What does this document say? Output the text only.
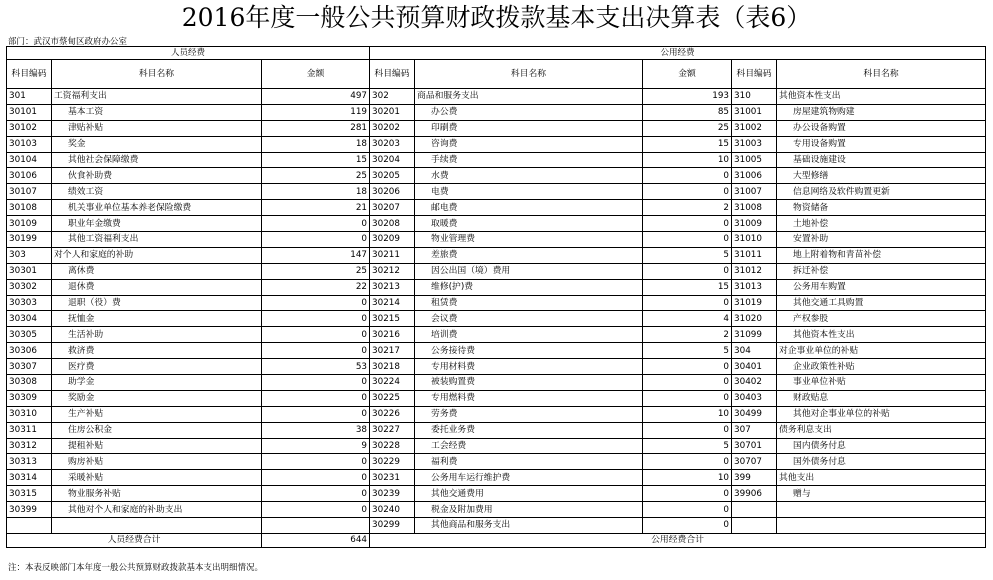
2016年度一般公共预算财政拨款基本支出决算表（表6）
部门：武汉市蔡甸区政府办公室
人员经费			公用经费				
科目编码	科目名称	金额	科目编码	科目名称	金额	科目编码	科目名称
301	工资福利支出	497	302	商品和服务支出	193	310	其他资本性支出
30101	基本工资	119	30201	办公费	85	31001	房屋建筑物购建
30102	津贴补贴	281	30202	印刷费	25	31002	办公设备购置
30103	奖金	18	30203	咨询费	15	31003	专用设备购置
30104	其他社会保障缴费	15	30204	手续费	10	31005	基础设施建设
30106	伙食补助费	25	30205	水费	0	31006	大型修缮
30107	绩效工资	18	30206	电费	0	31007	信息网络及软件购置更新
30108	机关事业单位基本养老保险缴费	21	30207	邮电费	2	31008	物资储备
30109	职业年金缴费	0	30208	取暖费	0	31009	土地补偿
30199	其他工资福利支出	0	30209	物业管理费	0	31010	安置补助
303	对个人和家庭的补助	147	30211	差旅费	5	31011	地上附着物和青苗补偿
30301	离休费	25	30212	因公出国（境）费用	0	31012	拆迁补偿
30302	退休费	22	30213	维修(护)费	15	31013	公务用车购置
30303	退职（役）费	0	30214	租赁费	0	31019	其他交通工具购置
30304	抚恤金	0	30215	会议费	4	31020	产权参股
30305	生活补助	0	30216	培训费	2	31099	其他资本性支出
30306	救济费	0	30217	公务接待费	5	304	对企事业单位的补贴
30307	医疗费	53	30218	专用材料费	0	30401	企业政策性补贴
30308	助学金	0	30224	被装购置费	0	30402	事业单位补贴
30309	奖励金	0	30225	专用燃料费	0	30403	财政贴息
30310	生产补贴	0	30226	劳务费	10	30499	其他对企事业单位的补贴
30311	住房公积金	38	30227	委托业务费	0	307	债务利息支出
30312	提租补贴	9	30228	工会经费	5	30701	国内债务付息
30313	购房补贴	0	30229	福利费	0	30707	国外债务付息
30314	采暖补贴	0	30231	公务用车运行维护费	10	399	其他支出
30315	物业服务补贴	0	30239	其他交通费用	0	39906	赠与
30399	其他对个人和家庭的补助支出	0	30240	税金及附加费用	0		
			30299	其他商品和服务支出	0		
人员经费合计		644	公用经费合计				
注：本表反映部门本年度一般公共预算财政拨款基本支出明细情况。
